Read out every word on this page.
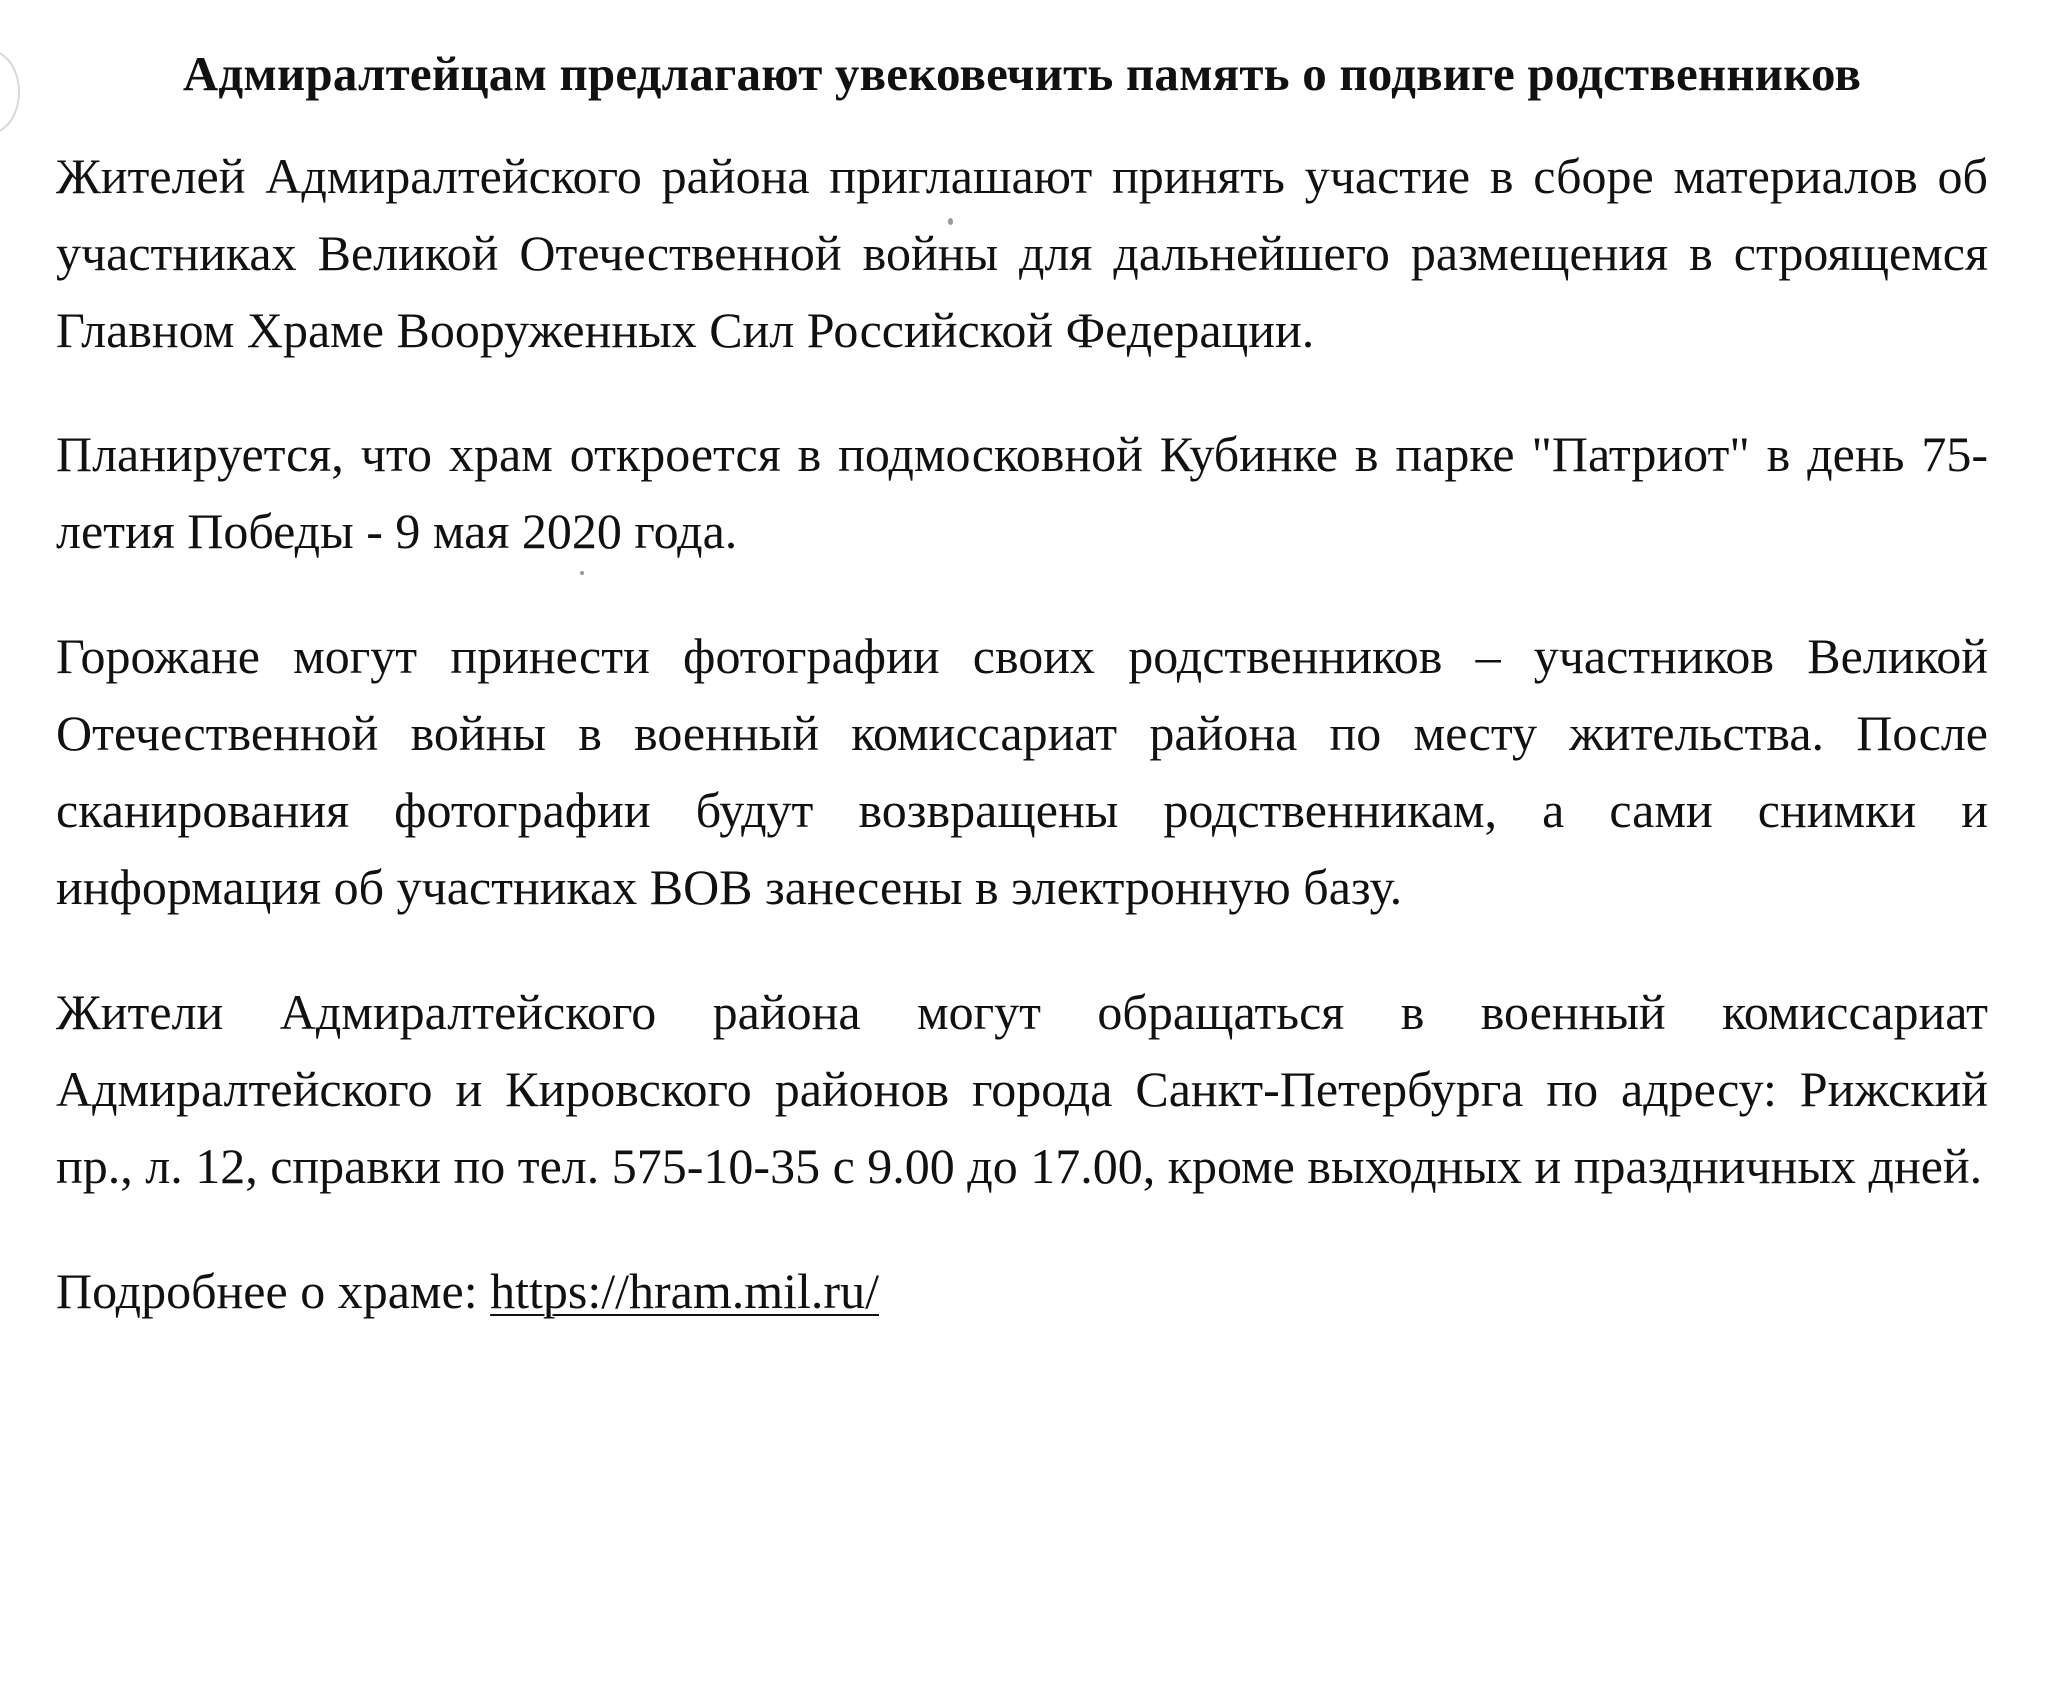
Адмиралтейцам предлагают увековечить память о подвиге родственников

Жителей Адмиралтейского района приглашают принять участие в сборе материалов об участниках Великой Отечественной войны для дальнейшего размещения в строящемся Главном Храме Вооруженных Сил Российской Федерации.

Планируется, что храм откроется в подмосковной Кубинке в парке "Патриот" в день 75-летия Победы - 9 мая 2020 года.

Горожане могут принести фотографии своих родственников – участников Великой Отечественной войны в военный комиссариат района по месту жительства. После сканирования фотографии будут возвращены родственникам, а сами снимки и информация об участниках ВОВ занесены в электронную базу.

Жители Адмиралтейского района могут обращаться в военный комиссариат Адмиралтейского и Кировского районов города Санкт-Петербурга по адресу: Рижский пр., л. 12, справки по тел. 575-10-35 с 9.00 до 17.00, кроме выходных и праздничных дней.

Подробнее о храме: https://hram.mil.ru/
